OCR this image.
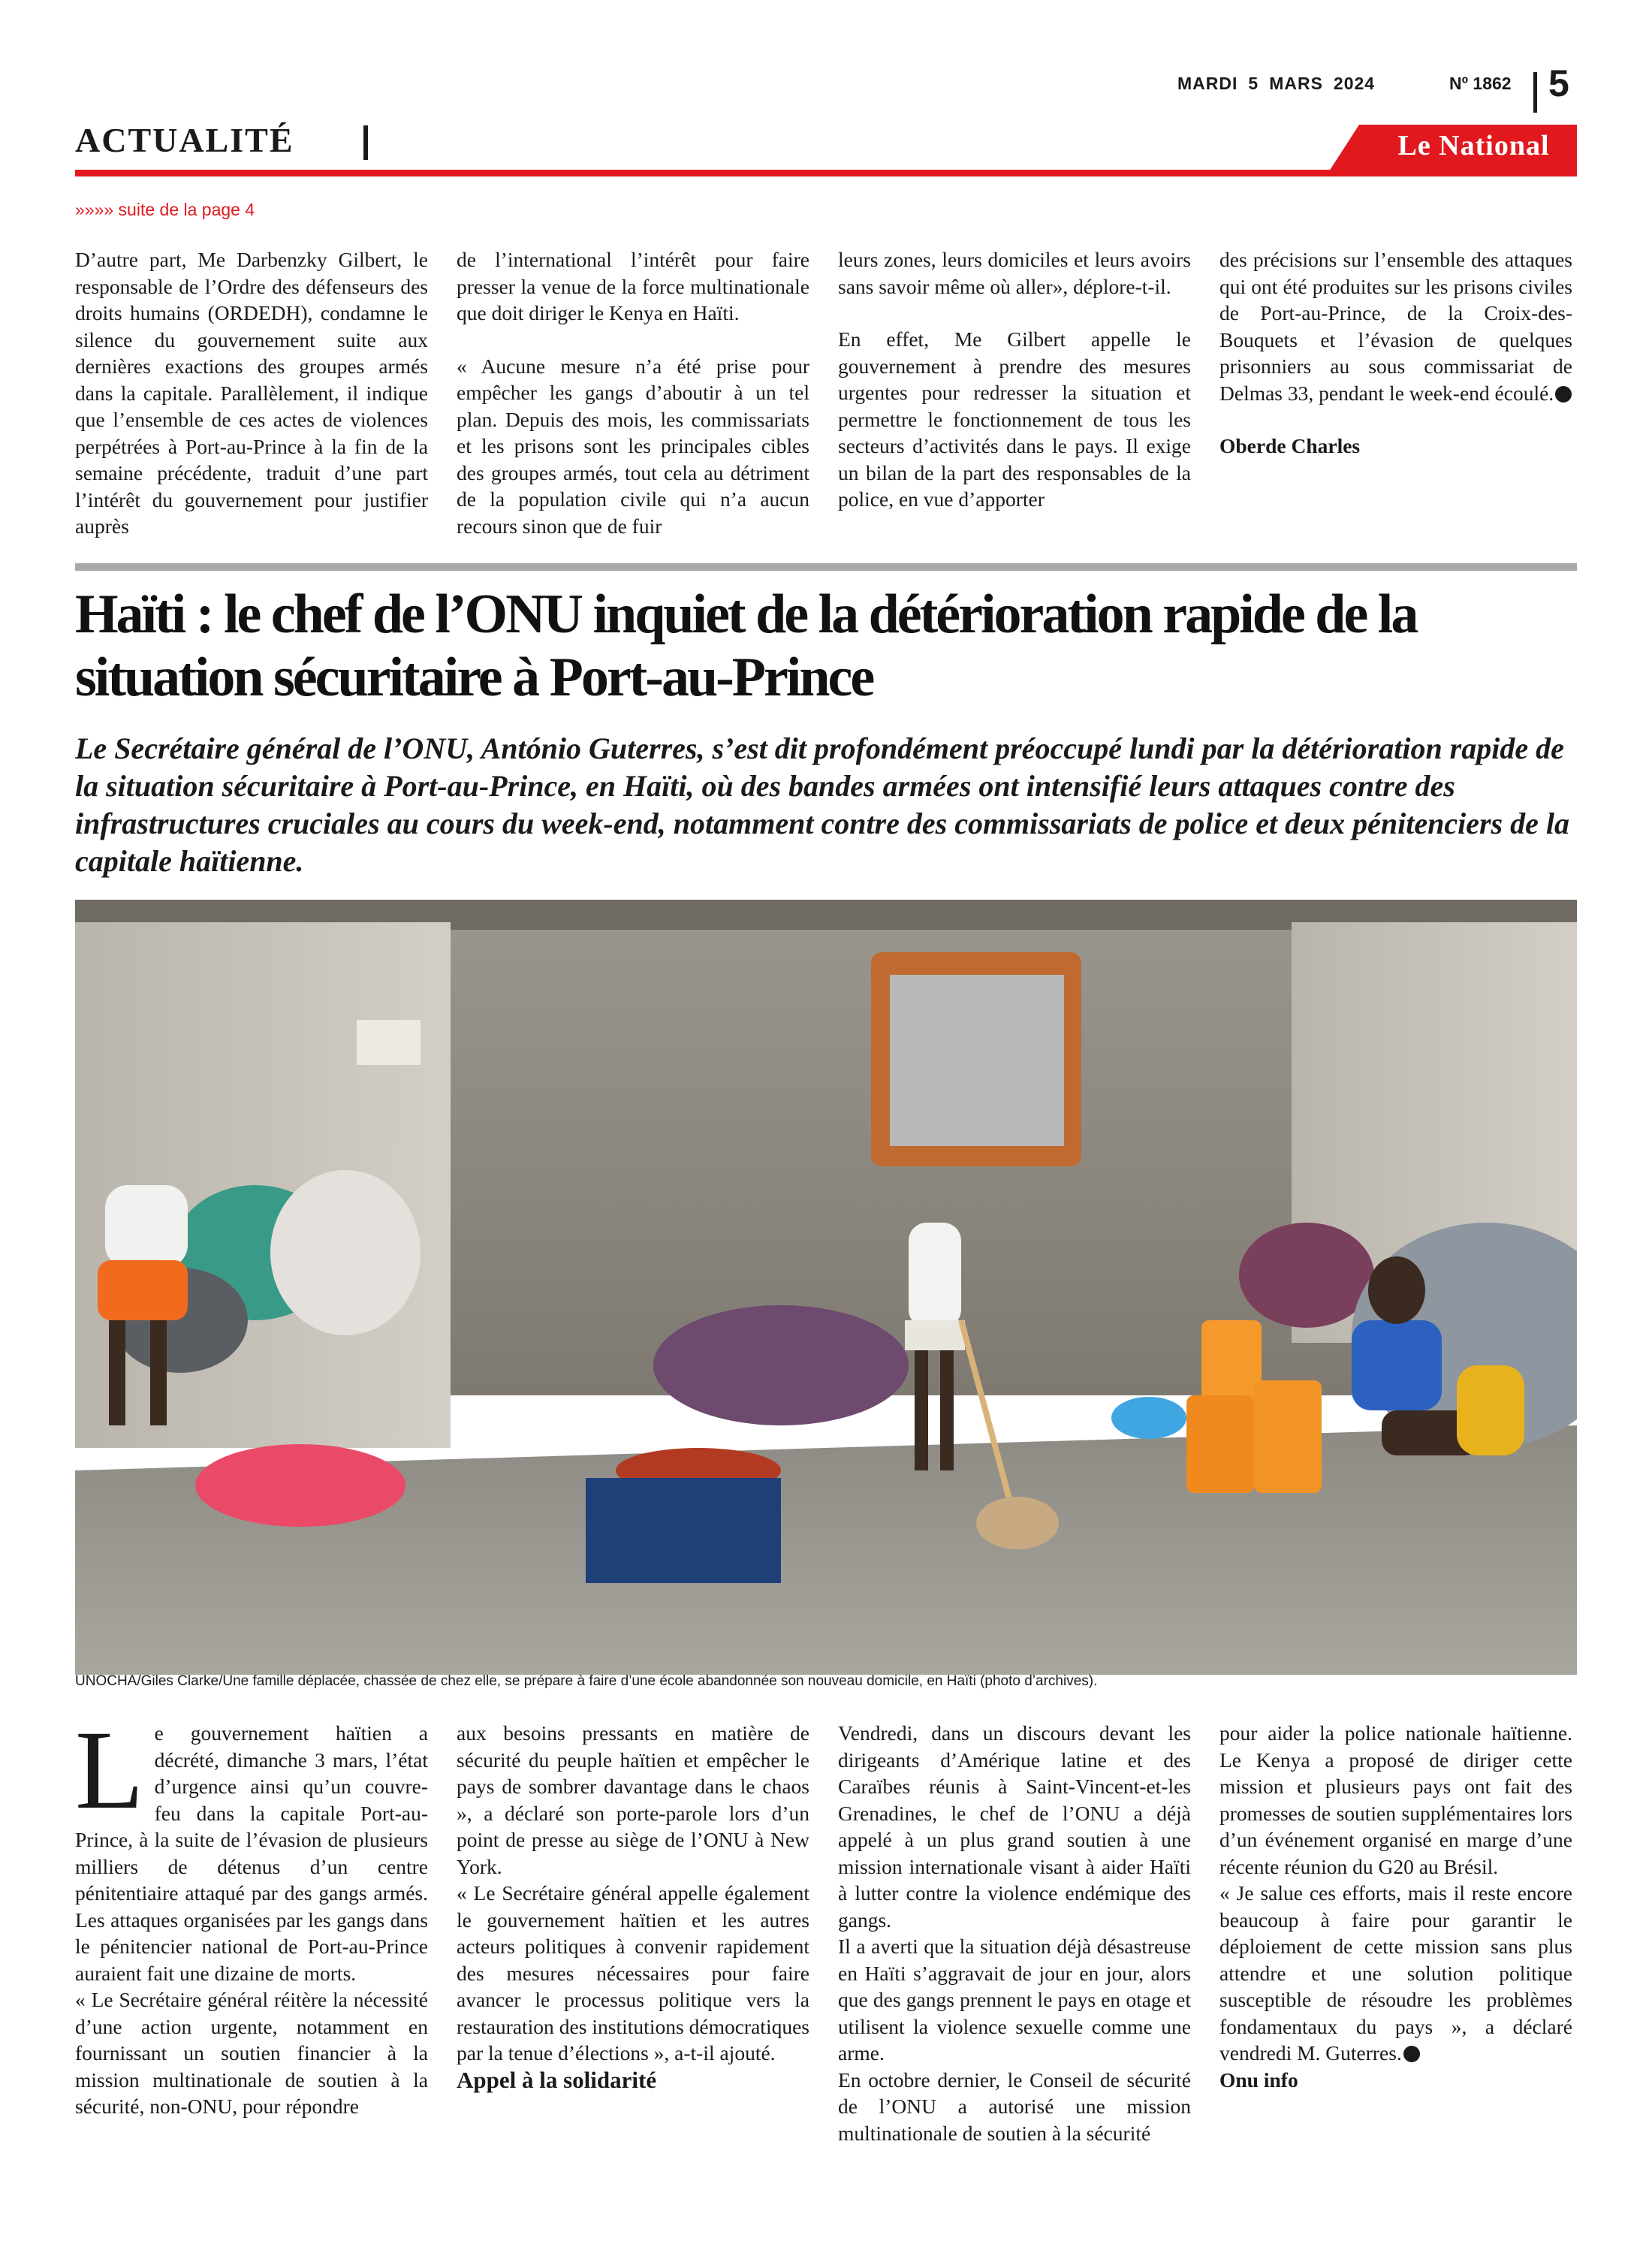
MARDI 5 MARS 2024	Nº 1862 5
ACTUALITÉ	Le National
»»»» suite de la page 4

D’autre part, Me Darbenzky Gilbert, le responsable de l’Ordre des défenseurs des droits humains (ORDEDH), condamne le silence du gouvernement suite aux dernières exactions des groupes armés dans la capitale. Parallèlement, il indique que l’ensemble de ces actes de violences perpétrées à Port-au-Prince à la fin de la semaine précédente, traduit d’une part l’intérêt du gouvernement pour justifier auprès

de l’international l’intérêt pour faire presser la venue de la force multinationale que doit diriger le Kenya en Haïti.

« Aucune mesure n’a été prise pour empêcher les gangs d’aboutir à un tel plan. Depuis des mois, les commissariats et les prisons sont les principales cibles des groupes armés, tout cela au détriment de la population civile qui n’a aucun recours sinon que de fuir

leurs zones, leurs domiciles et leurs avoirs sans savoir même où aller», déplore-t-il.

En effet, Me Gilbert appelle le gouvernement à prendre des mesures urgentes pour redresser la situation et permettre le fonctionnement de tous les secteurs d’activités dans le pays. Il exige un bilan de la part des responsables de la police, en vue d’apporter

des précisions sur l’ensemble des attaques qui ont été produites sur les prisons civiles de Port-au-Prince, de la Croix-des-Bouquets et l’évasion de quelques prisonniers au sous commissariat de Delmas 33, pendant le week-end écoulé.

Oberde Charles

Haïti : le chef de l’ONU inquiet de la détérioration rapide de la situation sécuritaire à Port-au-Prince
Le Secrétaire général de l’ONU, António Guterres, s’est dit profondément préoccupé lundi par la détérioration rapide de la situation sécuritaire à Port-au-Prince, en Haïti, où des bandes armées ont intensifié leurs attaques contre des infrastructures cruciales au cours du week-end, notamment contre des commissariats de police et deux pénitenciers de la capitale haïtienne.
UNOCHA/Giles Clarke/Une famille déplacée, chassée de chez elle, se prépare à faire d’une école abandonnée son nouveau domicile, en Haïti (photo d’archives).

Le gouvernement haïtien a décrété, dimanche 3 mars, l’état d’urgence ainsi qu’un couvre-feu dans la capitale Port-au-Prince, à la suite de l’évasion de plusieurs milliers de détenus d’un centre pénitentiaire attaqué par des gangs armés. Les attaques organisées par les gangs dans le pénitencier national de Port-au-Prince auraient fait une dizaine de morts.

« Le Secrétaire général réitère la nécessité d’une action urgente, notamment en fournissant un soutien financier à la mission multinationale de soutien à la sécurité, non-ONU, pour répondre

aux besoins pressants en matière de sécurité du peuple haïtien et empêcher le pays de sombrer davantage dans le chaos », a déclaré son porte-parole lors d’un point de presse au siège de l’ONU à New York.

« Le Secrétaire général appelle également le gouvernement haïtien et les autres acteurs politiques à convenir rapidement des mesures nécessaires pour faire avancer le processus politique vers la restauration des institutions démocratiques par la tenue d’élections », a-t-il ajouté.

Appel à la solidarité

Vendredi, dans un discours devant les dirigeants d’Amérique latine et des Caraïbes réunis à Saint-Vincent-et-les Grenadines, le chef de l’ONU a déjà appelé à un plus grand soutien à une mission internationale visant à aider Haïti à lutter contre la violence endémique des gangs.

Il a averti que la situation déjà désastreuse en Haïti s’aggravait de jour en jour, alors que des gangs prennent le pays en otage et utilisent la violence sexuelle comme une arme.

En octobre dernier, le Conseil de sécurité de l’ONU a autorisé une mission multinationale de soutien à la sécurité

pour aider la police nationale haïtienne. Le Kenya a proposé de diriger cette mission et plusieurs pays ont fait des promesses de soutien supplémentaires lors d’un événement organisé en marge d’une récente réunion du G20 au Brésil.

« Je salue ces efforts, mais il reste encore beaucoup à faire pour garantir le déploiement de cette mission sans plus attendre et une solution politique susceptible de résoudre les problèmes fondamentaux du pays », a déclaré vendredi M. Guterres.

Onu info
